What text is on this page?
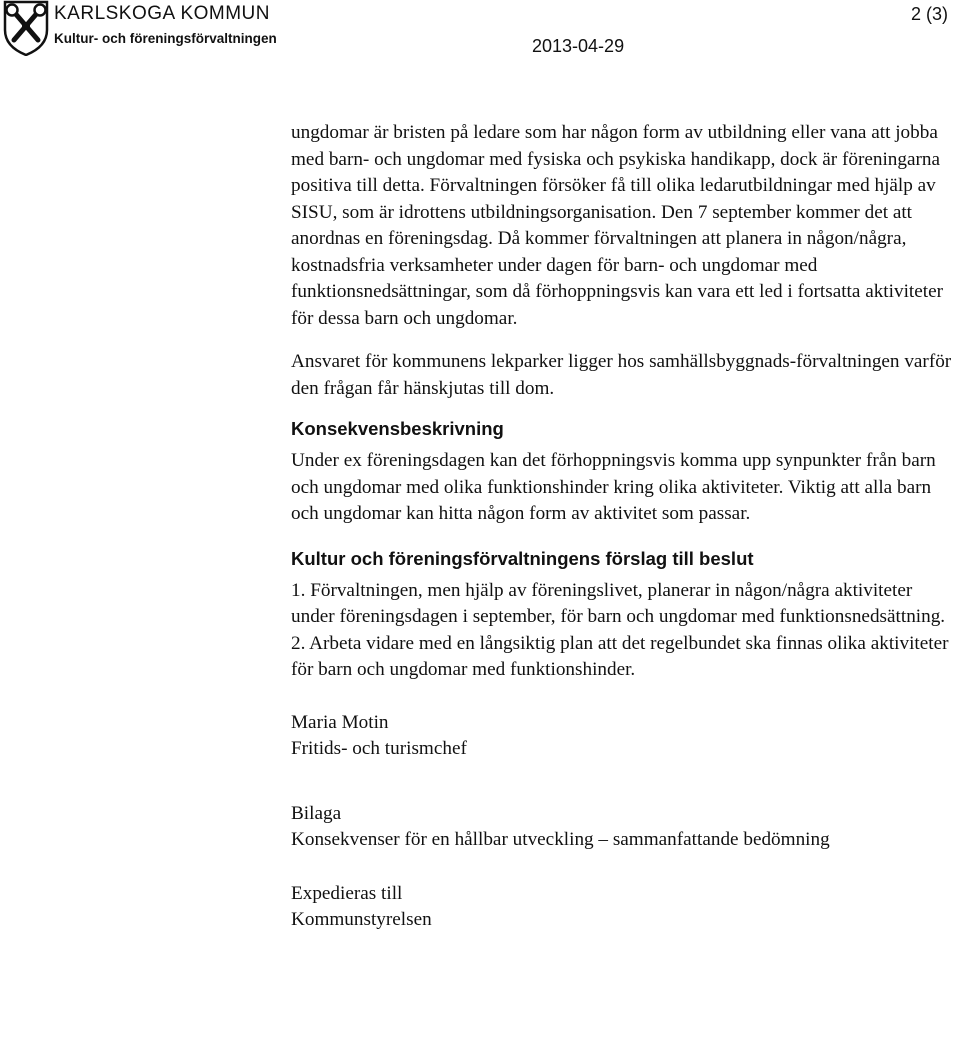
KARLSKOGA KOMMUN
Kultur- och föreningsförvaltningen
2 (3)
2013-04-29

ungdomar är bristen på ledare som har någon form av utbildning eller vana att jobba med barn- och ungdomar med fysiska och psykiska handikapp, dock är föreningarna positiva till detta. Förvaltningen försöker få till olika ledarutbildningar med hjälp av SISU, som är idrottens utbildningsorganisation. Den 7 september kommer det att anordnas en föreningsdag. Då kommer förvaltningen att planera in någon/några, kostnadsfria verksamheter under dagen för barn- och ungdomar med funktionsnedsättningar, som då förhoppningsvis kan vara ett led i fortsatta aktiviteter för dessa barn och ungdomar.

Ansvaret för kommunens lekparker ligger hos samhällsbyggnads-förvaltningen varför den frågan får hänskjutas till dom.

Konsekvensbeskrivning

Under ex föreningsdagen kan det förhoppningsvis komma upp synpunkter från barn och ungdomar med olika funktionshinder kring olika aktiviteter. Viktig att alla barn och ungdomar kan hitta någon form av aktivitet som passar.

Kultur och föreningsförvaltningens förslag till beslut

1. Förvaltningen, men hjälp av föreningslivet, planerar in någon/några aktiviteter under föreningsdagen i september, för barn och ungdomar med funktionsnedsättning.

2. Arbeta vidare med en långsiktig plan att det regelbundet ska finnas olika aktiviteter för barn och ungdomar med funktionshinder.

Maria Motin

Fritids- och turismchef

Bilaga

Konsekvenser för en hållbar utveckling – sammanfattande bedömning

Expedieras till

Kommunstyrelsen
